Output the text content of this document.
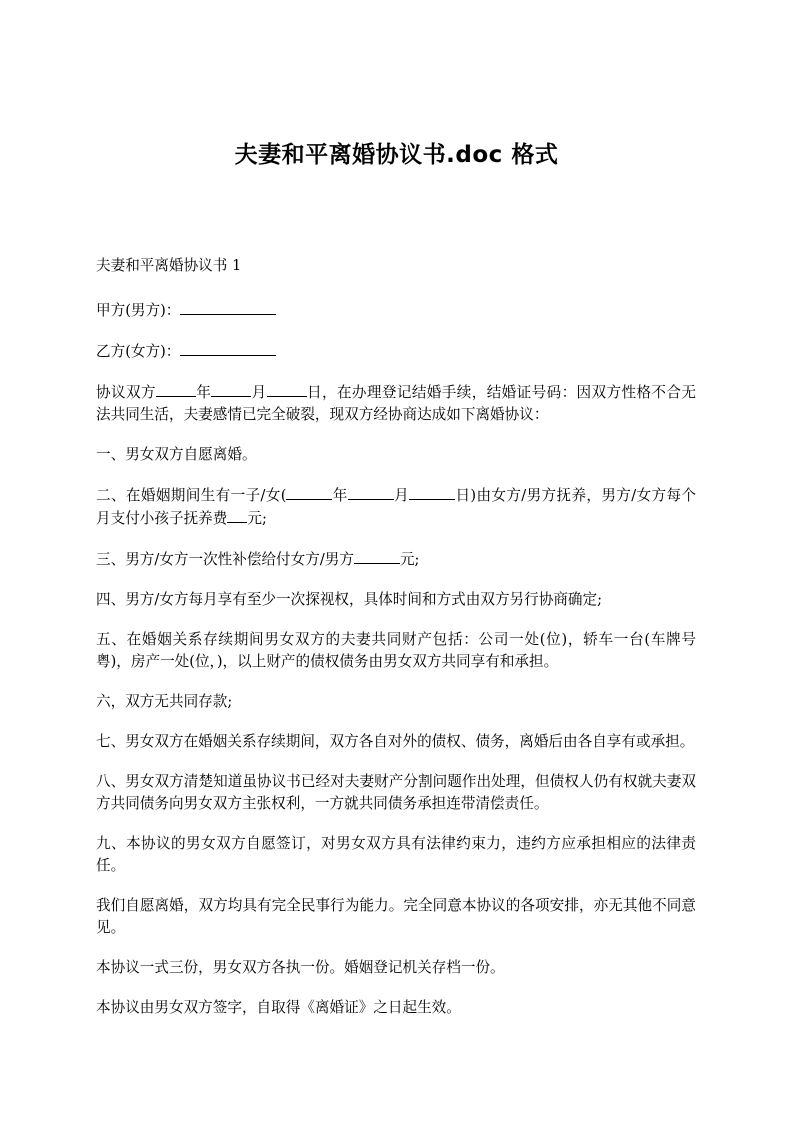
夫妻和平离婚协议书.doc 格式

夫妻和平离婚协议书 1

甲方(男方)：

乙方(女方)：

协议双方	年	月	日，在办理登记结婚手续，结婚证号码：因双方性格不合无法共同生活，夫妻感情已完全破裂，现双方经协商达成如下离婚协议：

一、男女双方自愿离婚。

二、在婚姻期间生有一子/女(	年	月	日)由女方/男方抚养，男方/女方每个月支付小孩子抚养费 元;

三、男方/女方一次性补偿给付女方/男方	元;

四、男方/女方每月享有至少一次探视权，具体时间和方式由双方另行协商确定;

五、在婚姻关系存续期间男女双方的夫妻共同财产包括：公司一处(位)，轿车一台(车牌号粤)，房产一处(位，)，以上财产的债权债务由男女双方共同享有和承担。

六，双方无共同存款;

七、男女双方在婚姻关系存续期间，双方各自对外的债权、债务，离婚后由各自享有或承担。

八、男女双方清楚知道虽协议书已经对夫妻财产分割问题作出处理，但债权人仍有权就夫妻双方共同债务向男女双方主张权利，一方就共同债务承担连带清偿责任。

九、本协议的男女双方自愿签订，对男女双方具有法律约束力，违约方应承担相应的法律责任。

我们自愿离婚，双方均具有完全民事行为能力。完全同意本协议的各项安排，亦无其他不同意见。

本协议一式三份，男女双方各执一份。婚姻登记机关存档一份。

本协议由男女双方签字，自取得《离婚证》之日起生效。
